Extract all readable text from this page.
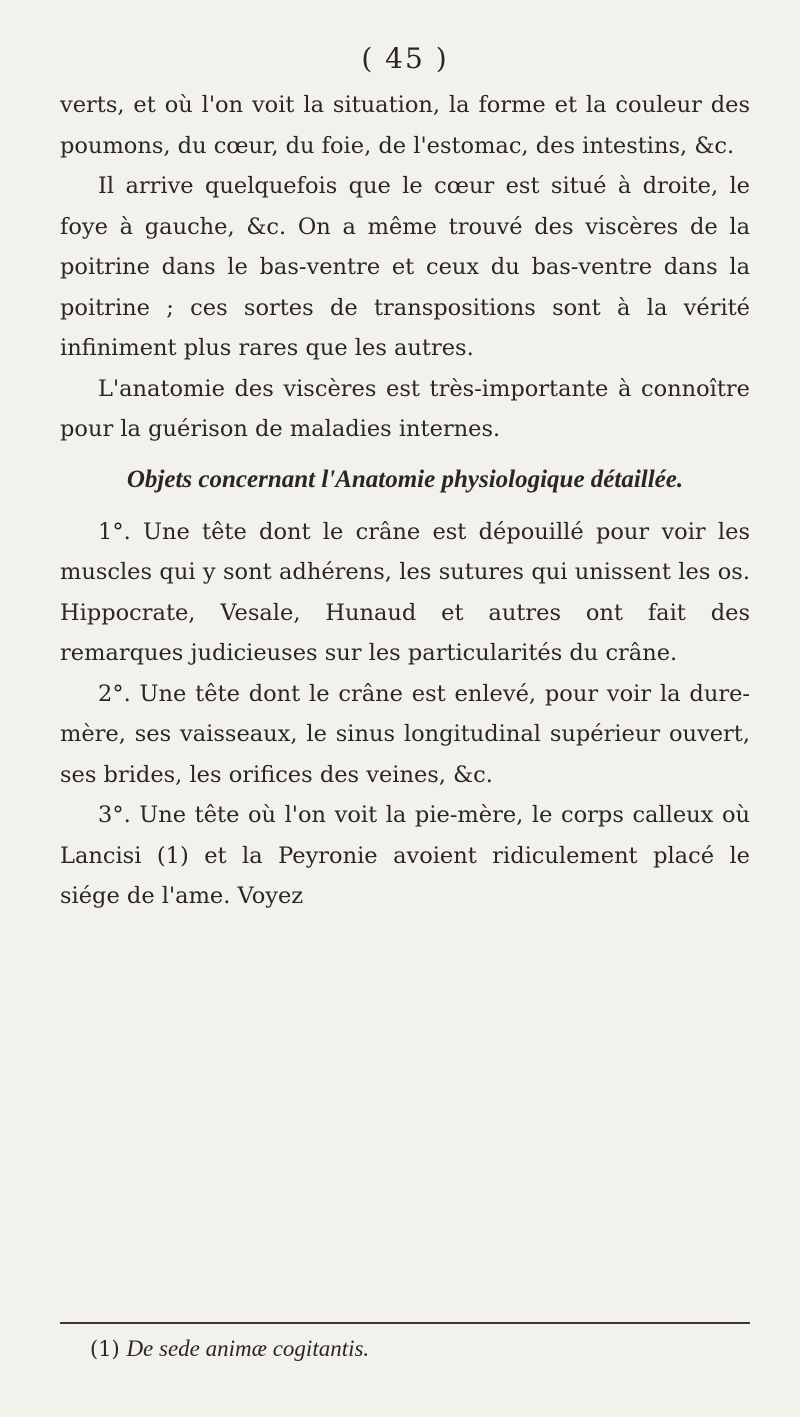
( 45 )

verts, et où l'on voit la situation, la forme et la couleur des poumons, du cœur, du foie, de l'estomac, des intestins, &c.

Il arrive quelquefois que le cœur est situé à droite, le foye à gauche, &c. On a même trouvé des viscères de la poitrine dans le bas-ventre et ceux du bas-ventre dans la poitrine ; ces sortes de transpositions sont à la vérité infiniment plus rares que les autres.

L'anatomie des viscères est très-importante à connoître pour la guérison de maladies internes.

Objets concernant l'Anatomie physiologique détaillée.

1°. Une tête dont le crâne est dépouillé pour voir les muscles qui y sont adhérens, les sutures qui unissent les os. Hippocrate, Vesale, Hunaud et autres ont fait des remarques judicieuses sur les particularités du crâne.

2°. Une tête dont le crâne est enlevé, pour voir la dure-mère, ses vaisseaux, le sinus longitudinal supérieur ouvert, ses brides, les orifices des veines, &c.

3°. Une tête où l'on voit la pie-mère, le corps calleux où Lancisi (1) et la Peyronie avoient ridiculement placé le siége de l'ame. Voyez

(1) De sede animæ cogitantis.
